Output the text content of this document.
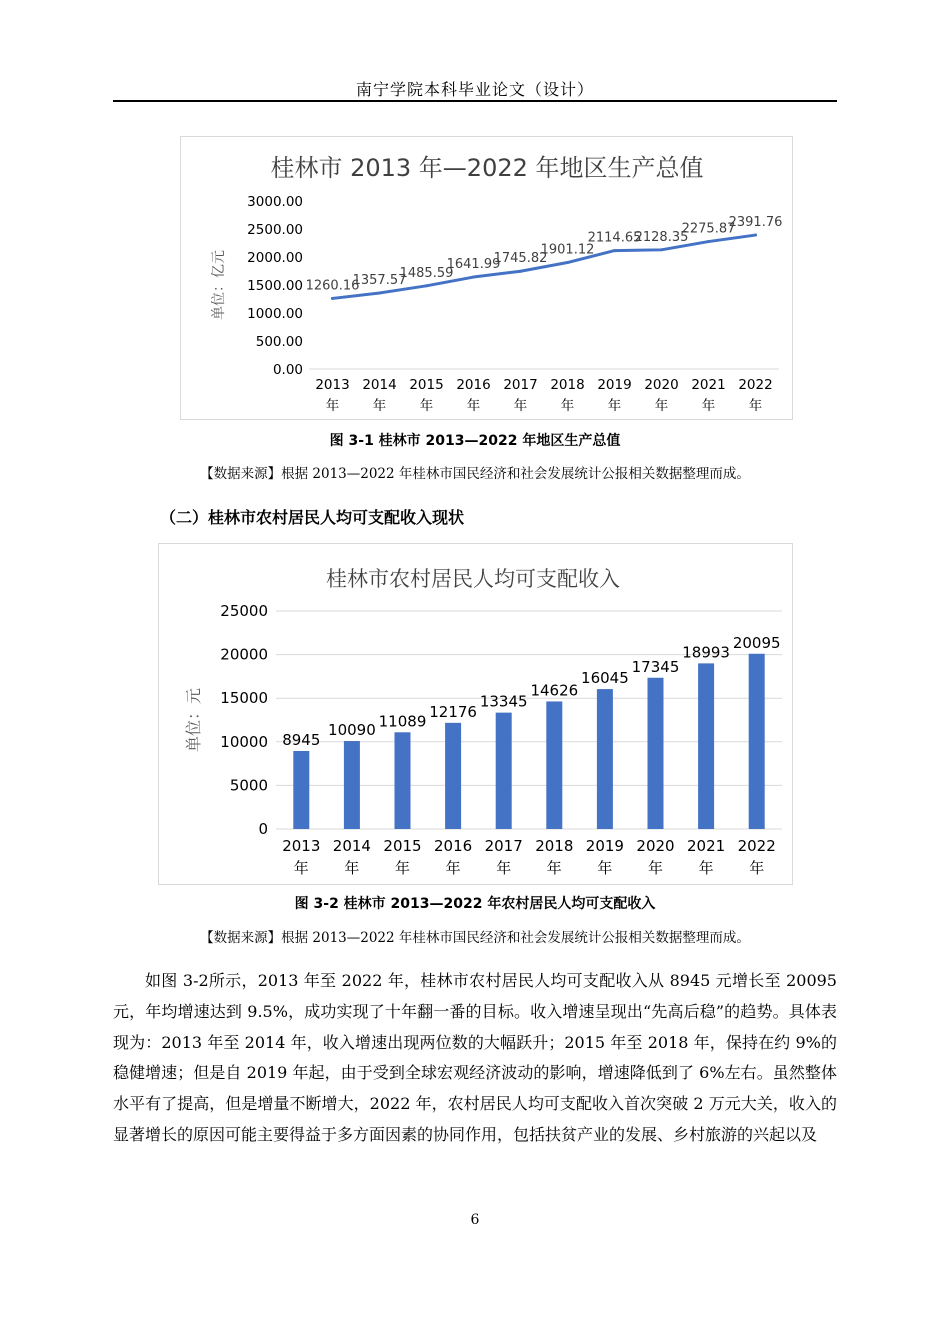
南宁学院本科毕业论文（设计）
桂林市 2013 年—2022 年地区生产总值
单位：亿元
0.00
500.00
1000.00
1500.00
2000.00
2500.00
3000.00
2013
年
2014
年
2015
年
2016
年
2017
年
2018
年
2019
年
2020
年
2021
年
2022
年
1260.16
1357.57
1485.59
1641.99
1745.82
1901.12
2114.65
2128.35
2275.87
2391.76
图 3-1 桂林市 2013—2022 年地区生产总值
【数据来源】根据 2013—2022 年桂林市国民经济和社会发展统计公报相关数据整理而成。
（二）桂林市农村居民人均可支配收入现状
桂林市农村居民人均可支配收入
单位：元
0
5000
10000
15000
20000
25000
2013
年
2014
年
2015
年
2016
年
2017
年
2018
年
2019
年
2020
年
2021
年
2022
年
8945
10090 11089
12176
13345
14626
16045
17345
18993
20095
图 3-2 桂林市 2013—2022 年农村居民人均可支配收入
【数据来源】根据 2013—2022 年桂林市国民经济和社会发展统计公报相关数据整理而成。

如图 3-2所示，2013 年至 2022 年，桂林市农村居民人均可支配收入从 8945 元增长至 20095 元，年均增速达到 9.5%，成功实现了十年翻一番的目标。收入增速呈现出“先高后稳”的趋势。具体表现为：2013 年至 2014 年，收入增速出现两位数的大幅跃升；2015 年至 2018 年，保持在约 9%的稳健增速；但是自 2019 年起，由于受到全球宏观经济波动的影响，增速降低到了 6%左右。虽然整体水平有了提高，但是增量不断增大，2022 年，农村居民人均可支配收入首次突破 2 万元大关，收入的显著增长的原因可能主要得益于多方面因素的协同作用，包括扶贫产业的发展、乡村旅游的兴起以及

6
